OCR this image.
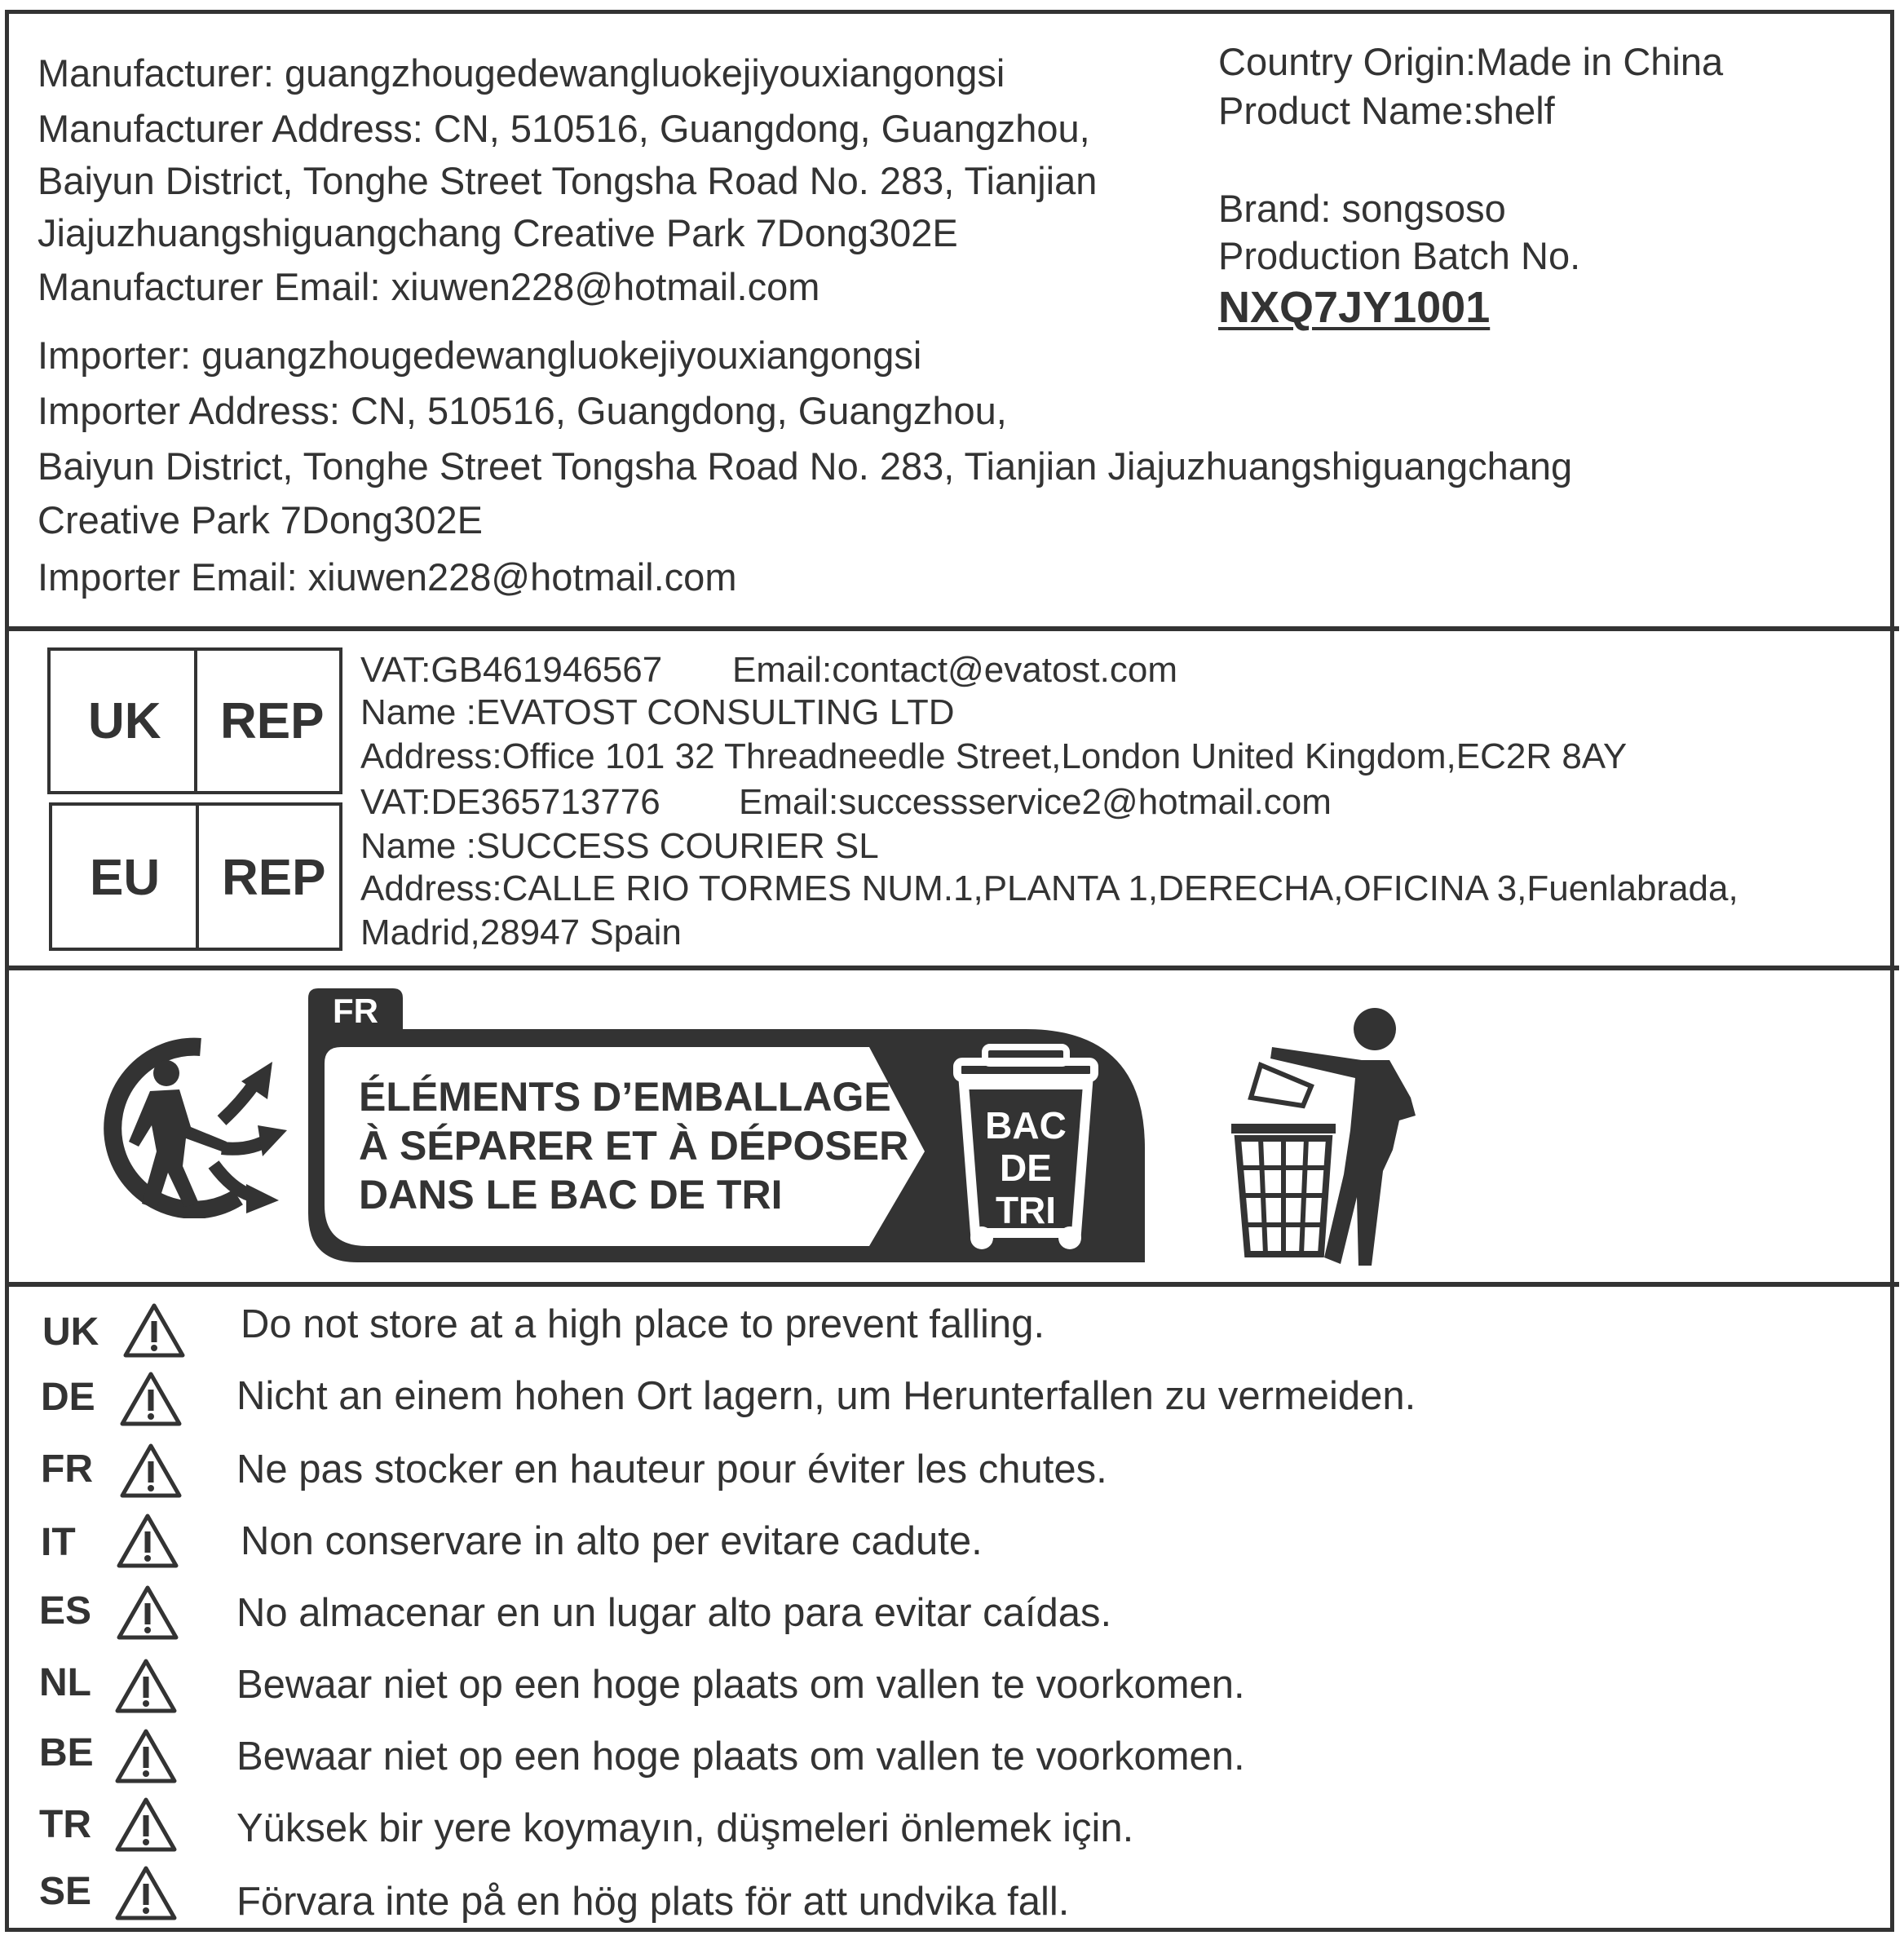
Manufacturer: guangzhougedewangluokejiyouxiangongsi
Manufacturer Address: CN, 510516, Guangdong, Guangzhou,
Baiyun District, Tonghe Street Tongsha Road No. 283, Tianjian
Jiajuzhuangshiguangchang Creative Park 7Dong302E
Manufacturer Email: xiuwen228@hotmail.com
Country Origin:Made in China
Product Name:shelf
Brand: songsoso
Production Batch No.
NXQ7JY1001
Importer: guangzhougedewangluokejiyouxiangongsi
Importer Address: CN, 510516, Guangdong, Guangzhou,
Baiyun District, Tonghe Street Tongsha Road No. 283, Tianjian Jiajuzhuangshiguangchang
Creative Park 7Dong302E
Importer Email: xiuwen228@hotmail.com
UK REP
EU REP
VAT:GB461946567 Email:contact@evatost.com
Name :EVATOST CONSULTING LTD
Address:Office 101 32 Threadneedle Street,London United Kingdom,EC2R 8AY
VAT:DE365713776 Email:successservice2@hotmail.com
Name :SUCCESS COURIER SL
Address:CALLE RIO TORMES NUM.1,PLANTA 1,DERECHA,OFICINA 3,Fuenlabrada,
Madrid,28947 Spain
BAC
DE
TRI
FR
ÉLÉMENTS D’EMBALLAGE
À SÉPARER ET À DÉPOSER
DANS LE BAC DE TRI
UK	Do not store at a high place to prevent falling.
DE	Nicht an einem hohen Ort lagern, um Herunterfallen zu vermeiden.
FR	Ne pas stocker en hauteur pour éviter les chutes.
IT	Non conservare in alto per evitare cadute.
ES	No almacenar en un lugar alto para evitar caídas.
NL	Bewaar niet op een hoge plaats om vallen te voorkomen.
BE	Bewaar niet op een hoge plaats om vallen te voorkomen.
TR	Yüksek bir yere koymayın, düşmeleri önlemek için.
SE	Förvara inte på en hög plats för att undvika fall.
